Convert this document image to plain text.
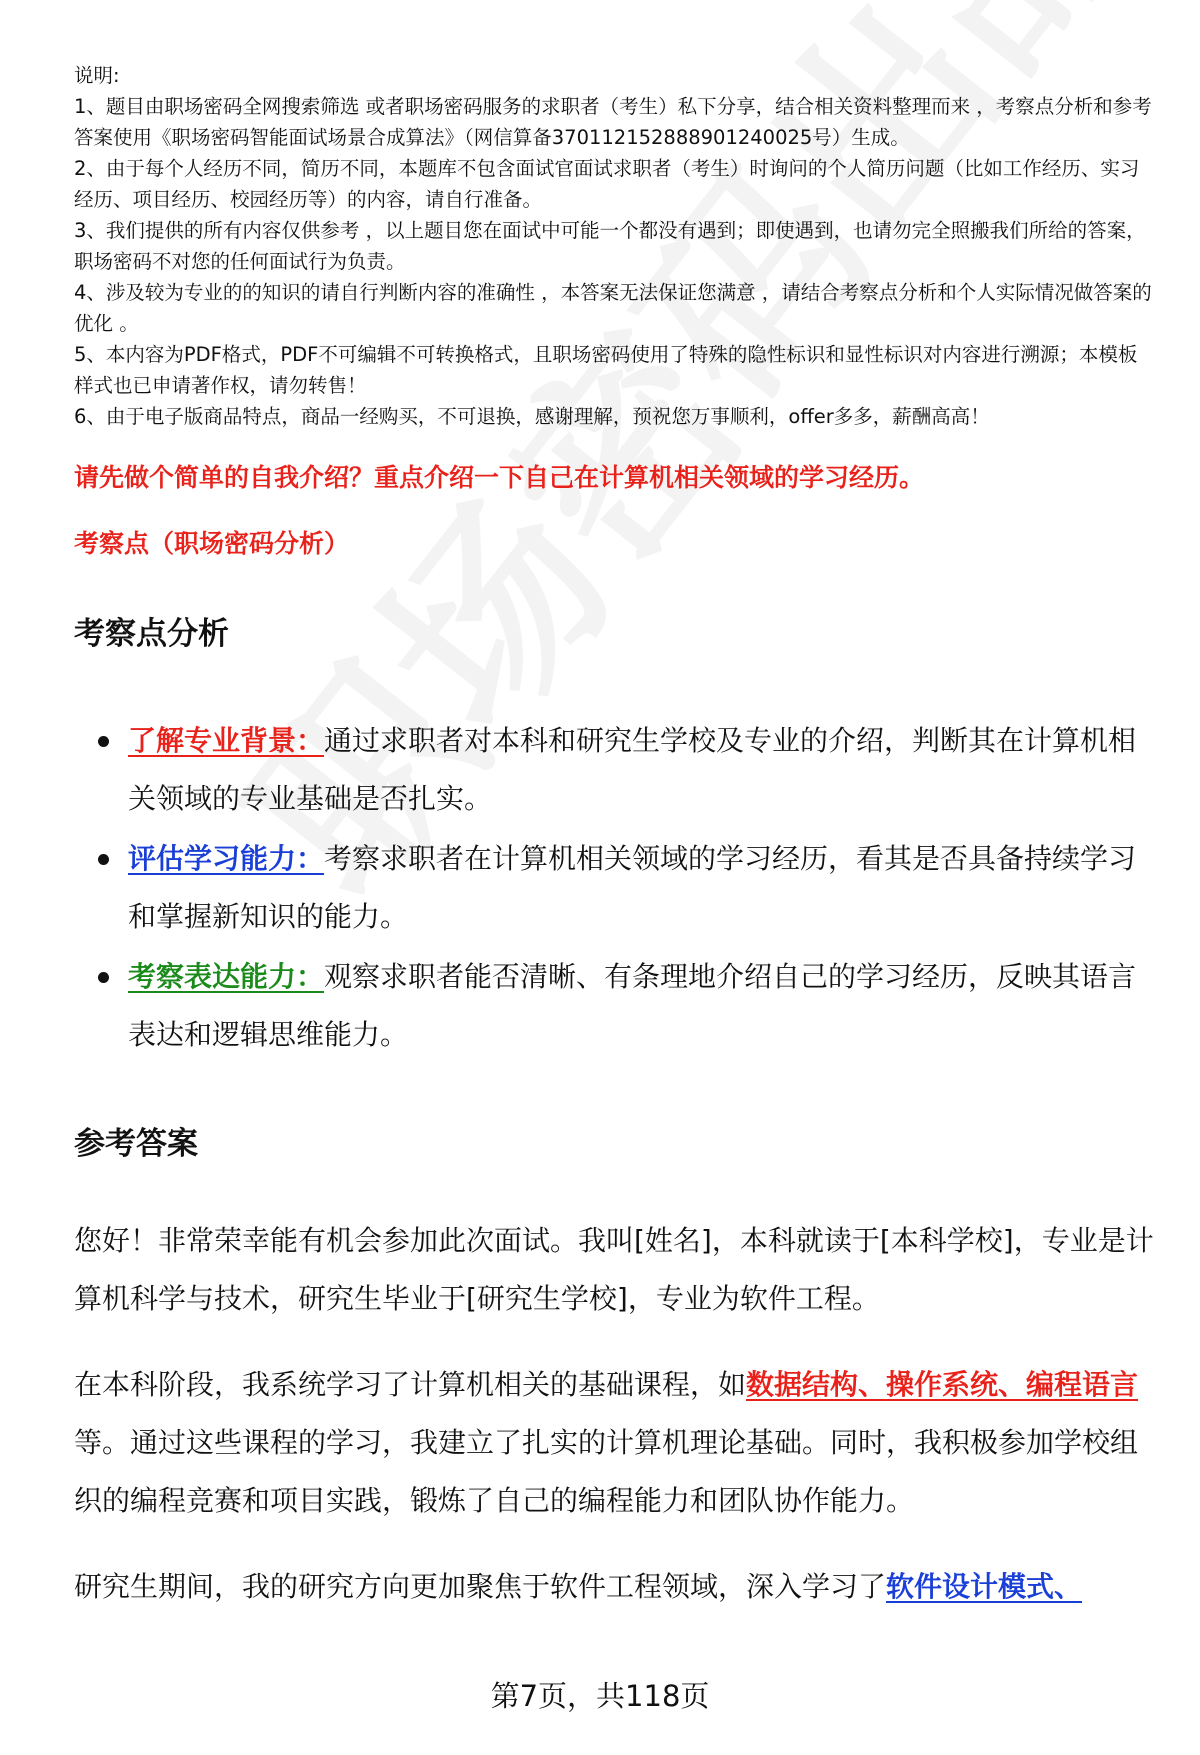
说明:

1、题目由职场密码全网搜索筛选 或者职场密码服务的求职者（考生）私下分享，结合相关资料整理而来 ，考察点分析和参考答案使用《职场密码智能面试场景合成算法》（网信算备370112152888901240025号）生成。

2、由于每个人经历不同，简历不同，本题库不包含面试官面试求职者（考生）时询问的个人简历问题（比如工作经历、实习经历、项目经历、校园经历等）的内容，请自行准备。

3、我们提供的所有内容仅供参考 ，以上题目您在面试中可能一个都没有遇到；即使遇到，也请勿完全照搬我们所给的答案，职场密码不对您的任何面试行为负责。

4、涉及较为专业的的知识的请自行判断内容的准确性 ，本答案无法保证您满意 ，请结合考察点分析和个人实际情况做答案的优化 。

5、本内容为PDF格式，PDF不可编辑不可转换格式，且职场密码使用了特殊的隐性标识和显性标识对内容进行溯源；本模板样式也已申请著作权，请勿转售！

6、由于电子版商品特点，商品一经购买，不可退换，感谢理解，预祝您万事顺利，offer多多，薪酬高高！

请先做个简单的自我介绍？重点介绍一下自己在计算机相关领域的学习经历。
考察点（职场密码分析）
考察点分析
了解专业背景：通过求职者对本科和研究生学校及专业的介绍，判断其在计算机相关领域的专业基础是否扎实。
评估学习能力：考察求职者在计算机相关领域的学习经历，看其是否具备持续学习和掌握新知识的能力。
考察表达能力：观察求职者能否清晰、有条理地介绍自己的学习经历，反映其语言表达和逻辑思维能力。
参考答案

您好！非常荣幸能有机会参加此次面试。我叫[姓名]，本科就读于[本科学校]，专业是计算机科学与技术，研究生毕业于[研究生学校]，专业为软件工程。

在本科阶段，我系统学习了计算机相关的基础课程，如数据结构、操作系统、编程语言等。通过这些课程的学习，我建立了扎实的计算机理论基础。同时，我积极参加学校组织的编程竞赛和项目实践，锻炼了自己的编程能力和团队协作能力。

研究生期间，我的研究方向更加聚焦于软件工程领域，深入学习了软件设计模式、

第7页，共118页
